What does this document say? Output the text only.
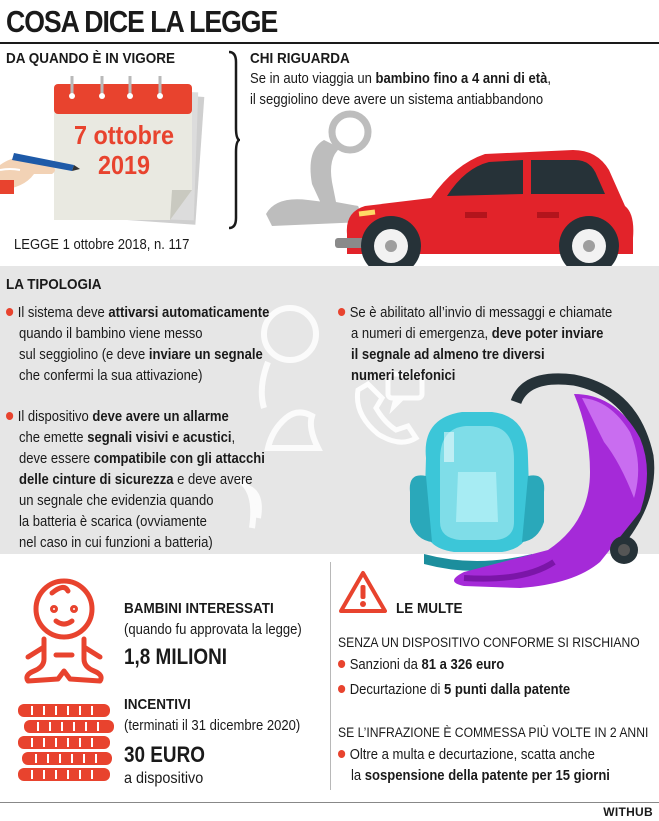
COSA DICE LA LEGGE
DA QUANDO È IN VIGORE
7 ottobre
2019
LEGGE 1 ottobre 2018, n. 117
CHI RIGUARDA
Se in auto viaggia un bambino fino a 4 anni di età,
il seggiolino deve avere un sistema antiabbandono
LA TIPOLOGIA
Il sistema deve attivarsi automaticamente
quando il bambino viene messo
sul seggiolino (e deve inviare un segnale
che confermi la sua attivazione)
Il dispositivo deve avere un allarme
che emette segnali visivi e acustici,
deve essere compatibile con gli attacchi
delle cinture di sicurezza e deve avere
un segnale che evidenzia quando
la batteria è scarica (ovviamente
nel caso in cui funzioni a batteria)
Se è abilitato all’invio di messaggi e chiamate
a numeri di emergenza, deve poter inviare
il segnale ad almeno tre diversi
numeri telefonici
BAMBINI INTERESSATI
(quando fu approvata la legge)
1,8 MILIONI
INCENTIVI
(terminati il 31 dicembre 2020)
30 EURO
a dispositivo
LE MULTE
SENZA UN DISPOSITIVO CONFORME SI RISCHIANO
Sanzioni da 81 a 326 euro
Decurtazione di 5 punti dalla patente
SE L’INFRAZIONE È COMMESSA PIÙ VOLTE IN 2 ANNI
Oltre a multa e decurtazione, scatta anche
la sospensione della patente per 15 giorni
WITHUB
